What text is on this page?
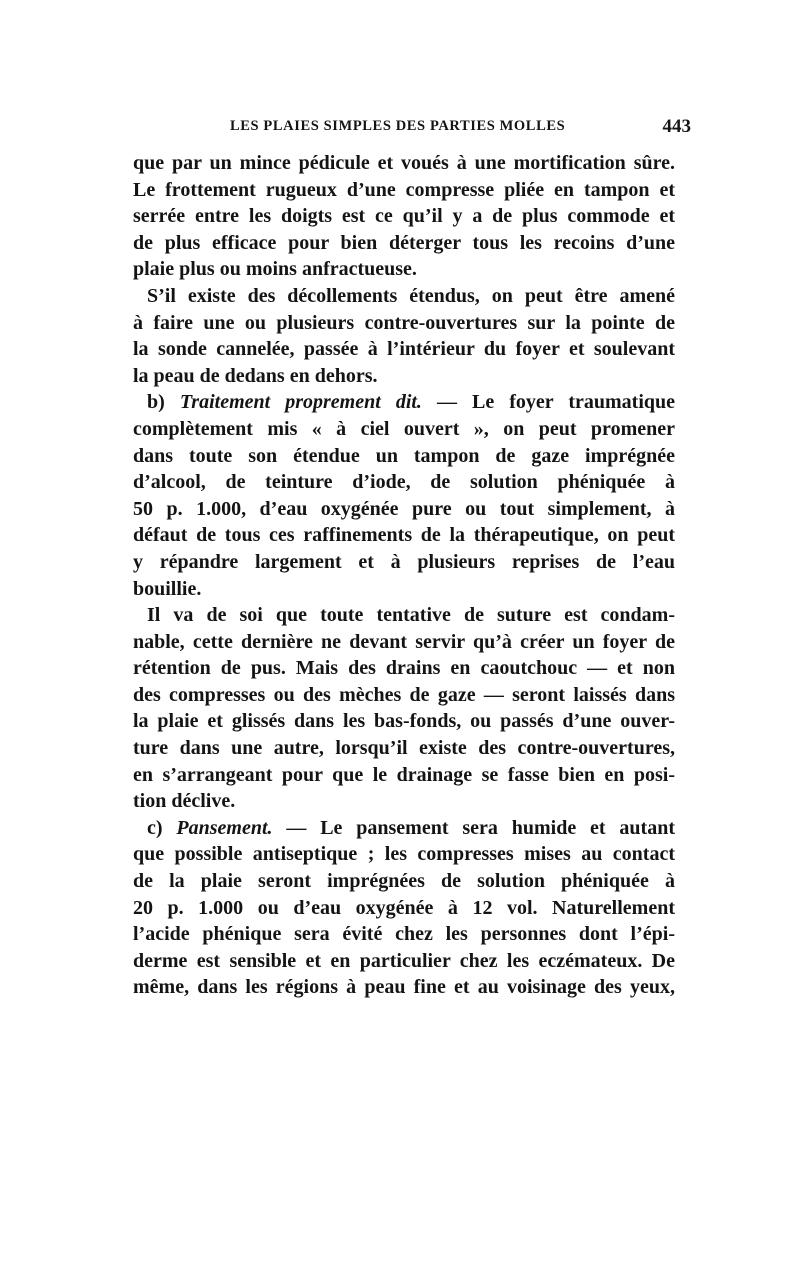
LES PLAIES SIMPLES DES PARTIES MOLLES	443
que par un mince pédicule et voués à une mortification sûre.
Le frottement rugueux d’une compresse pliée en tampon et
serrée entre les doigts est ce qu’il y a de plus commode et
de plus efficace pour bien déterger tous les recoins d’une
plaie plus ou moins anfractueuse.
S’il existe des décollements étendus, on peut être amené
à faire une ou plusieurs contre-ouvertures sur la pointe de
la sonde cannelée, passée à l’intérieur du foyer et soulevant
la peau de dedans en dehors.
b) Traitement proprement dit. — Le foyer traumatique
complètement mis « à ciel ouvert », on peut promener
dans toute son étendue un tampon de gaze imprégnée
d’alcool, de teinture d’iode, de solution phéniquée à
50 p. 1.000, d’eau oxygénée pure ou tout simplement, à
défaut de tous ces raffinements de la thérapeutique, on peut
y répandre largement et à plusieurs reprises de l’eau
bouillie.
Il va de soi que toute tentative de suture est condam-
nable, cette dernière ne devant servir qu’à créer un foyer de
rétention de pus. Mais des drains en caoutchouc — et non
des compresses ou des mèches de gaze — seront laissés dans
la plaie et glissés dans les bas-fonds, ou passés d’une ouver-
ture dans une autre, lorsqu’il existe des contre-ouvertures,
en s’arrangeant pour que le drainage se fasse bien en posi-
tion déclive.
c) Pansement. — Le pansement sera humide et autant
que possible antiseptique ; les compresses mises au contact
de la plaie seront imprégnées de solution phéniquée à
20 p. 1.000 ou d’eau oxygénée à 12 vol. Naturellement
l’acide phénique sera évité chez les personnes dont l’épi-
derme est sensible et en particulier chez les eczémateux. De
même, dans les régions à peau fine et au voisinage des yeux,
